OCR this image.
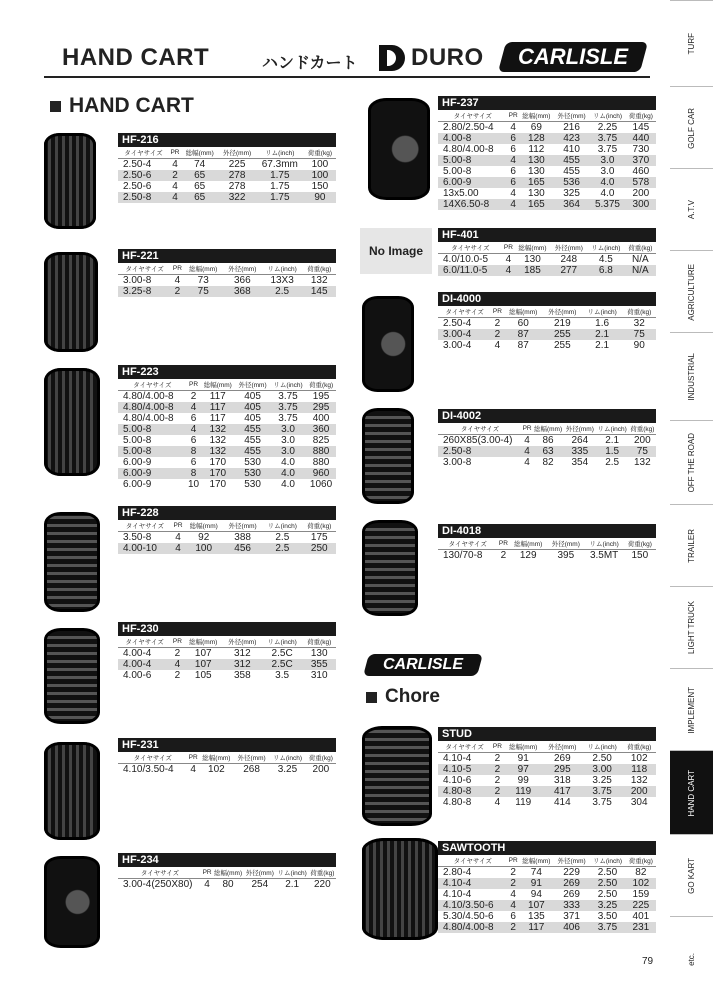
HAND CART	ハンドカート DURO	CARLISLE
HAND CART
No Image
CARLISLE
Chore
HF-216
タイヤサイズ	PR	総幅(mm)	外径(mm)	リム(inch)	荷重(kg)
2.50-4	4	74	225	67.3mm	100
2.50-6	2	65	278	1.75	100
2.50-6	4	65	278	1.75	150
2.50-8	4	65	322	1.75	90
HF-221
タイヤサイズ	PR	総幅(mm)	外径(mm)	リム(inch)	荷重(kg)
3.00-8	4	73	366	13X3	132
3.25-8	2	75	368	2.5	145
HF-223
タイヤサイズ	PR	総幅(mm)	外径(mm)	リム(inch)	荷重(kg)
4.80/4.00-8	2	117	405	3.75	195
4.80/4.00-8	4	117	405	3.75	295
4.80/4.00-8	6	117	405	3.75	400
5.00-8	4	132	455	3.0	360
5.00-8	6	132	455	3.0	825
5.00-8	8	132	455	3.0	880
6.00-9	6	170	530	4.0	880
6.00-9	8	170	530	4.0	960
6.00-9	10	170	530	4.0	1060
HF-228
タイヤサイズ	PR	総幅(mm)	外径(mm)	リム(inch)	荷重(kg)
3.50-8	4	92	388	2.5	175
4.00-10	4	100	456	2.5	250
HF-230
タイヤサイズ	PR	総幅(mm)	外径(mm)	リム(inch)	荷重(kg)
4.00-4	2	107	312	2.5C	130
4.00-4	4	107	312	2.5C	355
4.00-6	2	105	358	3.5	310
HF-231
タイヤサイズ	PR	総幅(mm)	外径(mm)	リム(inch)	荷重(kg)
4.10/3.50-4	4	102	268	3.25	200
HF-234
タイヤサイズ	PR	総幅(mm)	外径(mm)	リム(inch)	荷重(kg)
3.00-4(250X80)	4	80	254	2.1	220
HF-237
タイヤサイズ	PR	総幅(mm)	外径(mm)	リム(inch)	荷重(kg)
2.80/2.50-4	4	69	216	2.25	145
4.00-8	6	128	423	3.75	440
4.80/4.00-8	6	112	410	3.75	730
5.00-8	4	130	455	3.0	370
5.00-8	6	130	455	3.0	460
6.00-9	6	165	536	4.0	578
13x5.00	4	130	325	4.0	200
14X6.50-8	4	165	364	5.375	300
HF-401
タイヤサイズ	PR	総幅(mm)	外径(mm)	リム(inch)	荷重(kg)
4.0/10.0-5	4	130	248	4.5	N/A
6.0/11.0-5	4	185	277	6.8	N/A
DI-4000
タイヤサイズ	PR	総幅(mm)	外径(mm)	リム(inch)	荷重(kg)
2.50-4	2	60	219	1.6	32
3.00-4	2	87	255	2.1	75
3.00-4	4	87	255	2.1	90
DI-4002
タイヤサイズ	PR	総幅(mm)	外径(mm)	リム(inch)	荷重(kg)
260X85(3.00-4)	4	86	264	2.1	200
2.50-8	4	63	335	1.5	75
3.00-8	4	82	354	2.5	132
DI-4018
タイヤサイズ	PR	総幅(mm)	外径(mm)	リム(inch)	荷重(kg)
130/70-8	2	129	395	3.5MT	150
STUD
タイヤサイズ	PR	総幅(mm)	外径(mm)	リム(inch)	荷重(kg)
4.10-4	2	91	269	2.50	102
4.10-5	2	97	295	3.00	118
4.10-6	2	99	318	3.25	132
4.80-8	2	119	417	3.75	200
4.80-8	4	119	414	3.75	304
SAWTOOTH
タイヤサイズ	PR	総幅(mm)	外径(mm)	リム(inch)	荷重(kg)
2.80-4	2	74	229	2.50	82
4.10-4	2	91	269	2.50	102
4.10-4	4	94	269	2.50	159
4.10/3.50-6	4	107	333	3.25	225
5.30/4.50-6	6	135	371	3.50	401
4.80/4.00-8	2	117	406	3.75	231
TURF
GOLF CAR
A.T.V
AGRICULTURE
INDUSTRIAL
OFF THE ROAD
TRAILER
LIGHT TRUCK
IMPLEMENT
HAND CART
GO KART
etc.
79
